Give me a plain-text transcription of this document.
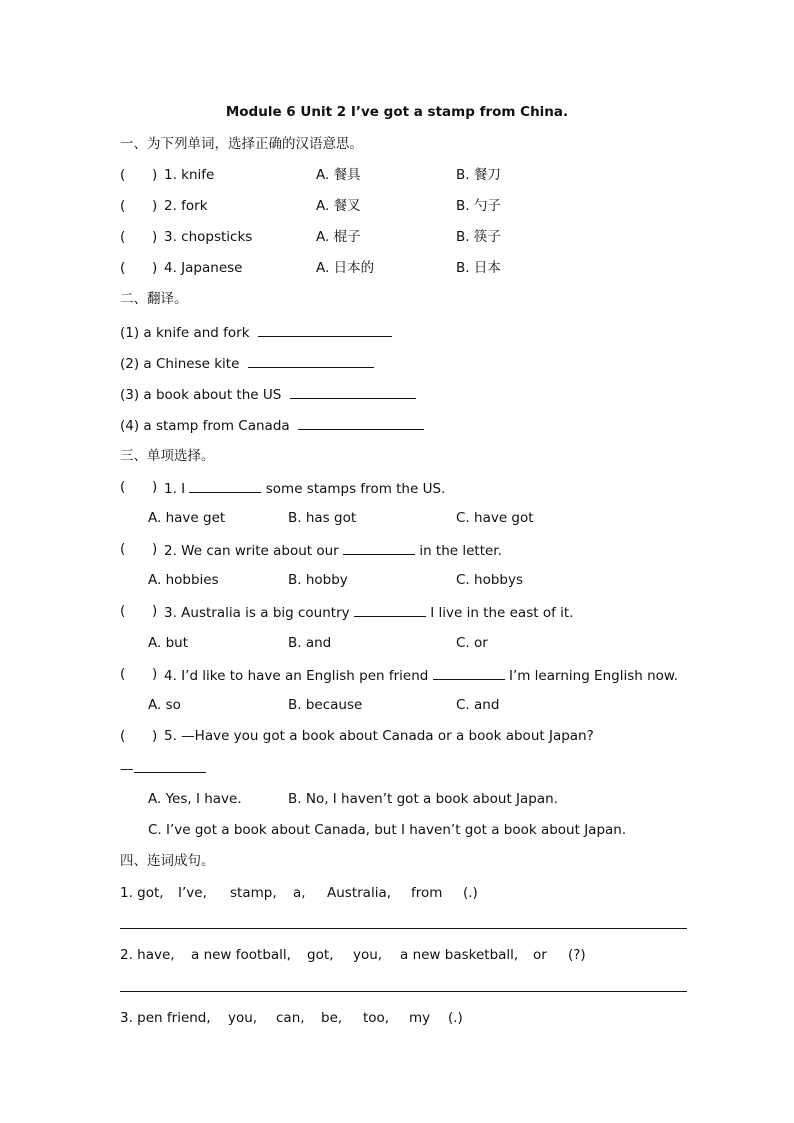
Module 6 Unit 2 I’ve got a stamp from China.
一、为下列单词，选择正确的汉语意思。
( ) 1. knife	A. 餐具	B. 餐刀
( ) 2. fork	A. 餐叉	B. 勺子
( ) 3. chopsticks	A. 棍子	B. 筷子
( ) 4. Japanese	A. 日本的	B. 日本
二、翻译。
(1) a knife and fork
(2) a Chinese kite
(3) a book about the US
(4) a stamp from Canada
三、单项选择。
( ) 1. I	some stamps from the US.
A. have get	B. has got	C. have got
( ) 2. We can write about our	in the letter.
A. hobbies	B. hobby	C. hobbys
( ) 3. Australia is a big country	I live in the east of it.
A. but	B. and	C. or
( ) 4. I’d like to have an English pen friend	I’m learning English now.
A. so	B. because	C. and
( ) 5. —Have you got a book about Canada or a book about Japan?
—
A. Yes, I have.	B. No, I haven’t got a book about Japan.
C. I’ve got a book about Canada, but I haven’t got a book about Japan.
四、连词成句。
1. got, I’ve, stamp, a, Australia, from (.)
2. have, a new football, got, you, a new basketball, or (?)
3. pen friend, you, can, be, too, my (.)
